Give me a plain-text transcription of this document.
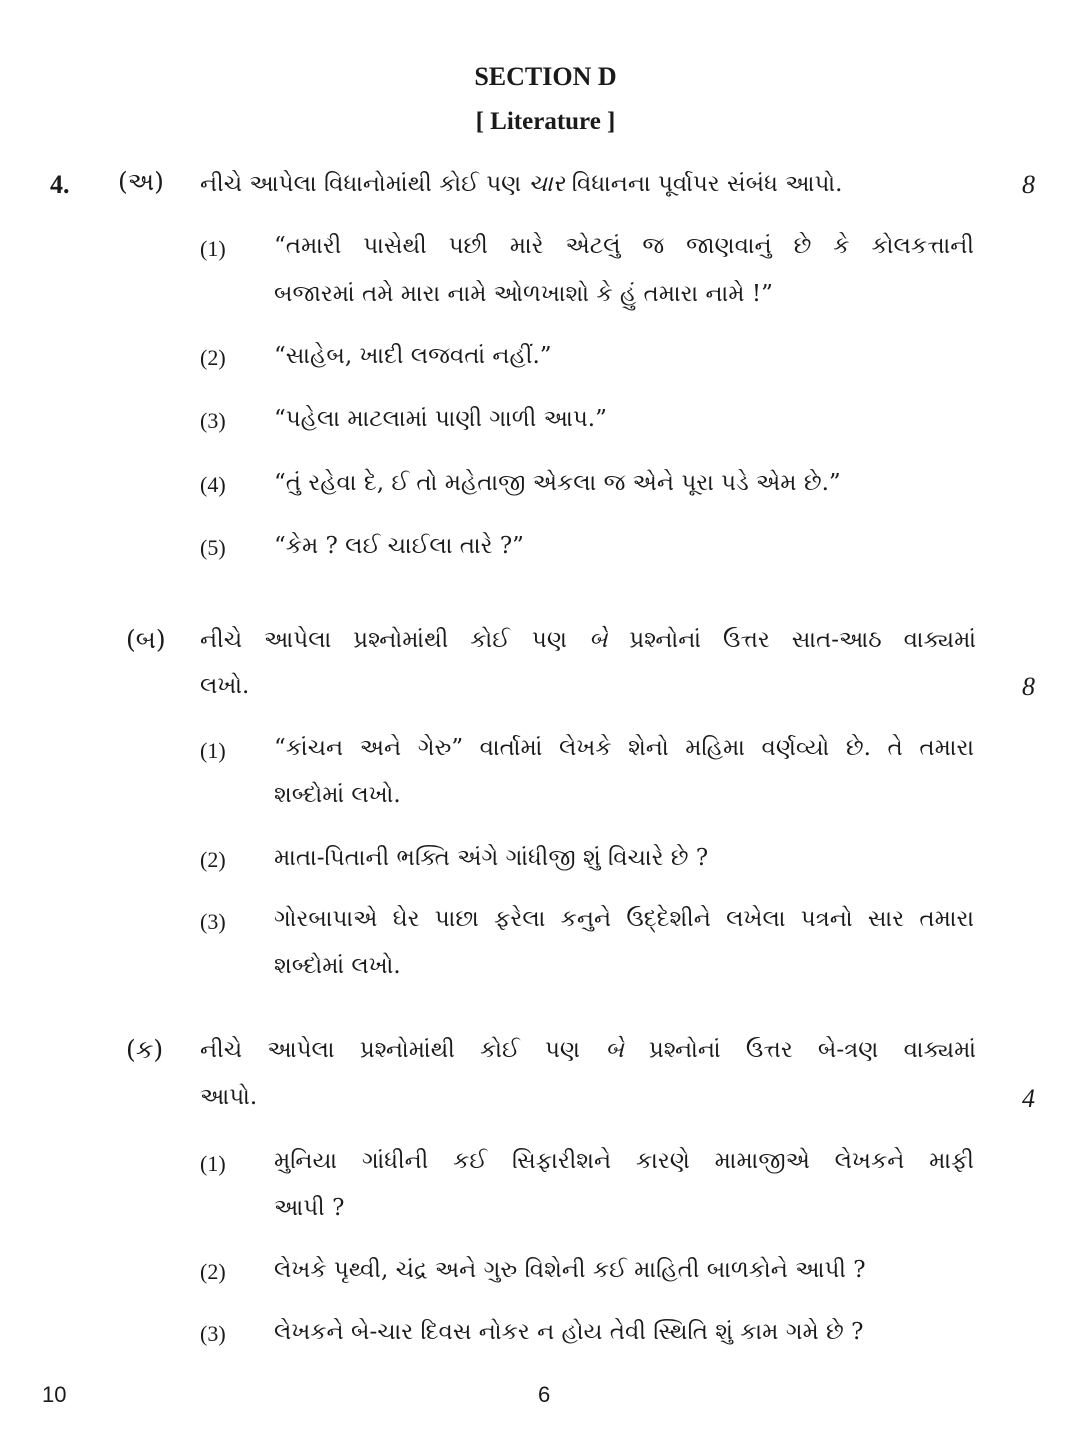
SECTION D
[ Literature ]
4. (અ) નીચે આપેલા વિધાનોમાંથી કોઈ પણ ચાર વિધાનના પૂર્વાપર સંબંધ આપો.	8
(1) “તમારી પાસેથી પછી મારે એટલું જ જાણવાનું છે કે કોલકત્તાની
બજારમાં તમે મારા નામે ઓળખાશો કે હું તમારા નામે !”
(2) “સાહેબ, ખાદી લજવતાં નહીં.”
(3) “પહેલા માટલામાં પાણી ગાળી આપ.”
(4) “તું રહેવા દે, ઈ તો મહેતાજી એકલા જ એને પૂરા પડે એમ છે.”
(5) “કેમ ? લઈ ચાઈલા તારે ?”
(બ) નીચે આપેલા પ્રશ્નોમાંથી કોઈ પણ બે પ્રશ્નોનાં ઉત્તર સાત-આઠ વાક્યમાં
લખો.	8
(1) “કાંચન અને ગેરુ” વાર્તામાં લેખકે શેનો મહિમા વર્ણવ્યો છે. તે તમારા
શબ્દોમાં લખો.
(2) માતા-પિતાની ભક્તિ અંગે ગાંધીજી શું વિચારે છે ?
(3) ગોરબાપાએ ઘેર પાછા ફરેલા કનુને ઉદ્દેશીને લખેલા પત્રનો સાર તમારા
શબ્દોમાં લખો.
(ક) નીચે આપેલા પ્રશ્નોમાંથી કોઈ પણ બે પ્રશ્નોનાં ઉત્તર બે-ત્રણ વાક્યમાં
આપો.	4
(1) મુનિયા ગાંધીની કઈ સિફારીશને કારણે મામાજીએ લેખકને માફી
આપી ?
(2) લેખકે પૃથ્વી, ચંદ્ર અને ગુરુ વિશેની કઈ માહિતી બાળકોને આપી ?
(3) લેખકને બે-ચાર દિવસ નોકર ન હોય તેવી સ્થિતિ શું કામ ગમે છે ?
10	6
